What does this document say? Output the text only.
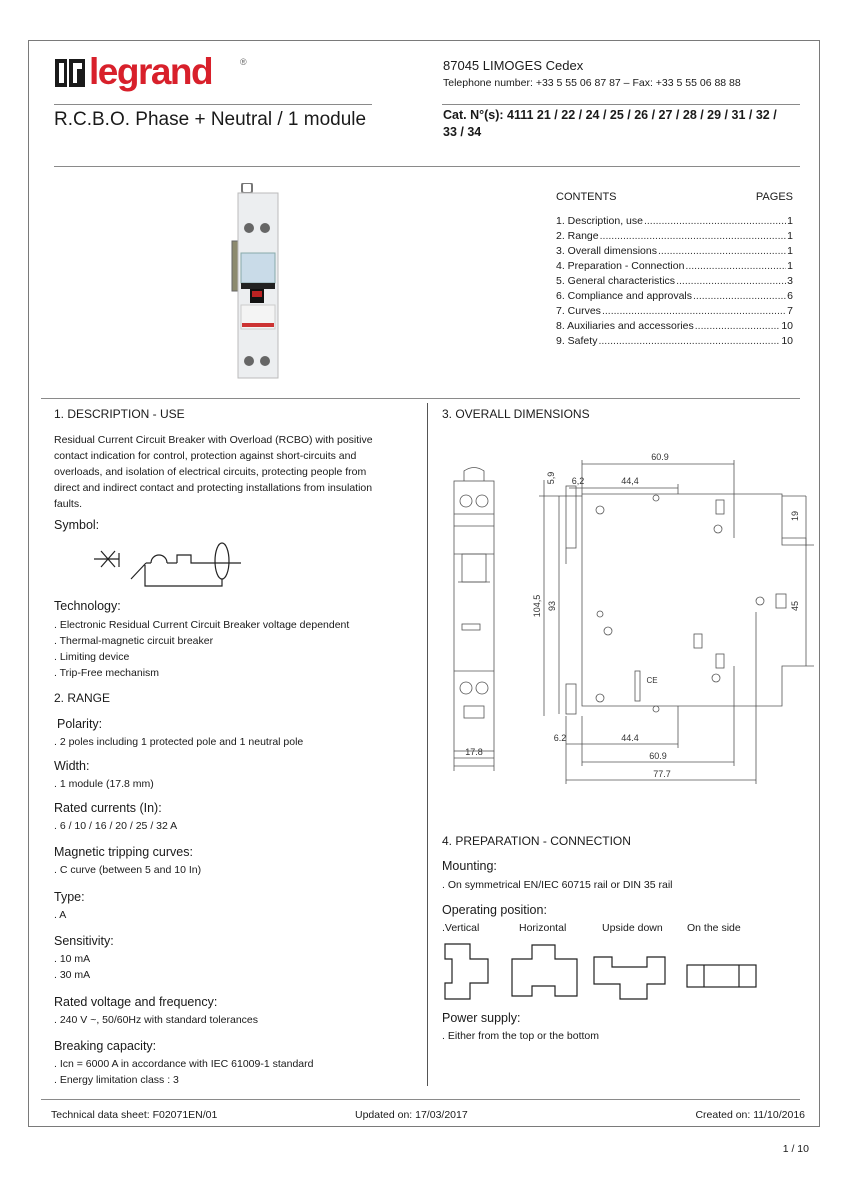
legrand	®	87045 LIMOGES Cedex
Telephone number: +33 5 55 06 87 87 – Fax: +33 5 55 06 88 88
R.C.B.O. Phase + Neutral / 1 module	Cat. N°(s): 4111 21 / 22 / 24 / 25 / 26 / 27 / 28 / 29 / 31 / 32 /
33 / 34
CONTENTS	PAGES
1. Description, use .....	1
2. Range .....	1
3. Overall dimensions .....	1
4. Preparation - Connection .....	1
5. General characteristics .....	3
6. Compliance and approvals .....	6
7. Curves .....	7
8. Auxiliaries and accessories .....	10
9. Safety .....	10
1. DESCRIPTION - USE
Residual Current Circuit Breaker with Overload (RCBO) with positive
contact indication for control, protection against short-circuits and
overloads, and isolation of electrical circuits, protecting people from
direct and indirect contact and protecting installations from insulation
faults.
Symbol:
Technology:
. Electronic Residual Current Circuit Breaker voltage dependent
. Thermal-magnetic circuit breaker
. Limiting device
. Trip-Free mechanism
2. RANGE
Polarity:
. 2 poles including 1 protected pole and 1 neutral pole
Width:
. 1 module (17.8 mm)
Rated currents (In):
. 6 / 10 / 16 / 20 / 25 / 32 A
Magnetic tripping curves:
. C curve (between 5 and 10 In)
Type:
. A
Sensitivity:
. 10 mA
. 30 mA
Rated voltage and frequency:
. 240 V ~, 50/60Hz with standard tolerances
Breaking capacity:
. Icn = 6000 A in accordance with IEC 61009-1 standard
. Energy limitation class : 3
3. OVERALL DIMENSIONS
60.9
6,2	44,4
5,9
19
45
104,5 93
17.8
6.2	44.4
60.9
77.7
CE
4. PREPARATION - CONNECTION
Mounting:
. On symmetrical EN/IEC 60715 rail or DIN 35 rail
Operating position:
.Vertical	Horizontal	Upside down On the side
Power supply:
. Either from the top or the bottom
Technical data sheet: F02071EN/01	Updated on: 17/03/2017	Created on: 11/10/2016
1 / 10
